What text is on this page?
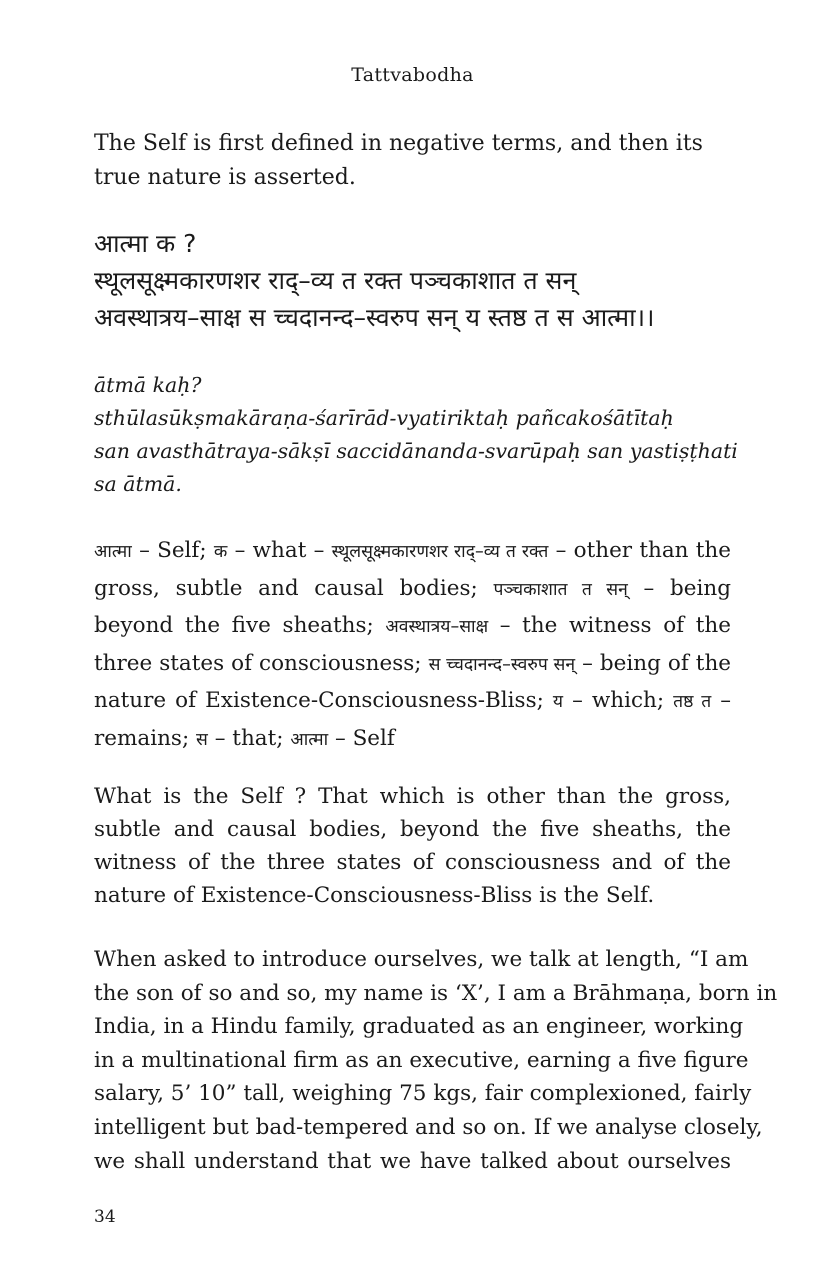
Tattvabodha

The Self is first defined in negative terms, and then its true nature is asserted.

आत्मा क ?
स्थूलसूक्ष्मकारणशर राद्–व्य त रक्त पञ्चकाशात त सन्
अवस्थात्रय–साक्ष स च्चदानन्द–स्वरुप सन् य स्तष्ठ त स आत्मा।।
ātmā kaḥ?
sthūlasūkṣmakāraṇa-śarīrād-vyatiriktaḥ pañcakośātītaḥ
san avasthātraya-sākṣī saccidānanda-svarūpaḥ san yastiṣṭhati
sa ātmā.

आत्मा – Self; क – what – स्थूलसूक्ष्मकारणशर राद्–व्य त रक्त – other than the gross, subtle and causal bodies; पञ्चकाशात त सन् – being beyond the five sheaths; अवस्थात्रय–साक्ष – the witness of the three states of consciousness; स च्चदानन्द–स्वरुप सन् – being of the nature of Existence-Consciousness-Bliss; य – which; तष्ठ त – remains; स – that; आत्मा – Self

What is the Self ? That which is other than the gross, subtle and causal bodies, beyond the five sheaths, the witness of the three states of consciousness and of the nature of Existence-Consciousness-Bliss is the Self.

When asked to introduce ourselves, we talk at length, “I am
the son of so and so, my name is ‘X’, I am a Brāhmaṇa, born in
India, in a Hindu family, graduated as an engineer, working
in a multinational firm as an executive, earning a five figure
salary, 5’ 10” tall, weighing 75 kgs, fair complexioned, fairly
intelligent but bad-tempered and so on. If we analyse closely,
we shall understand that we have talked about ourselves
34
